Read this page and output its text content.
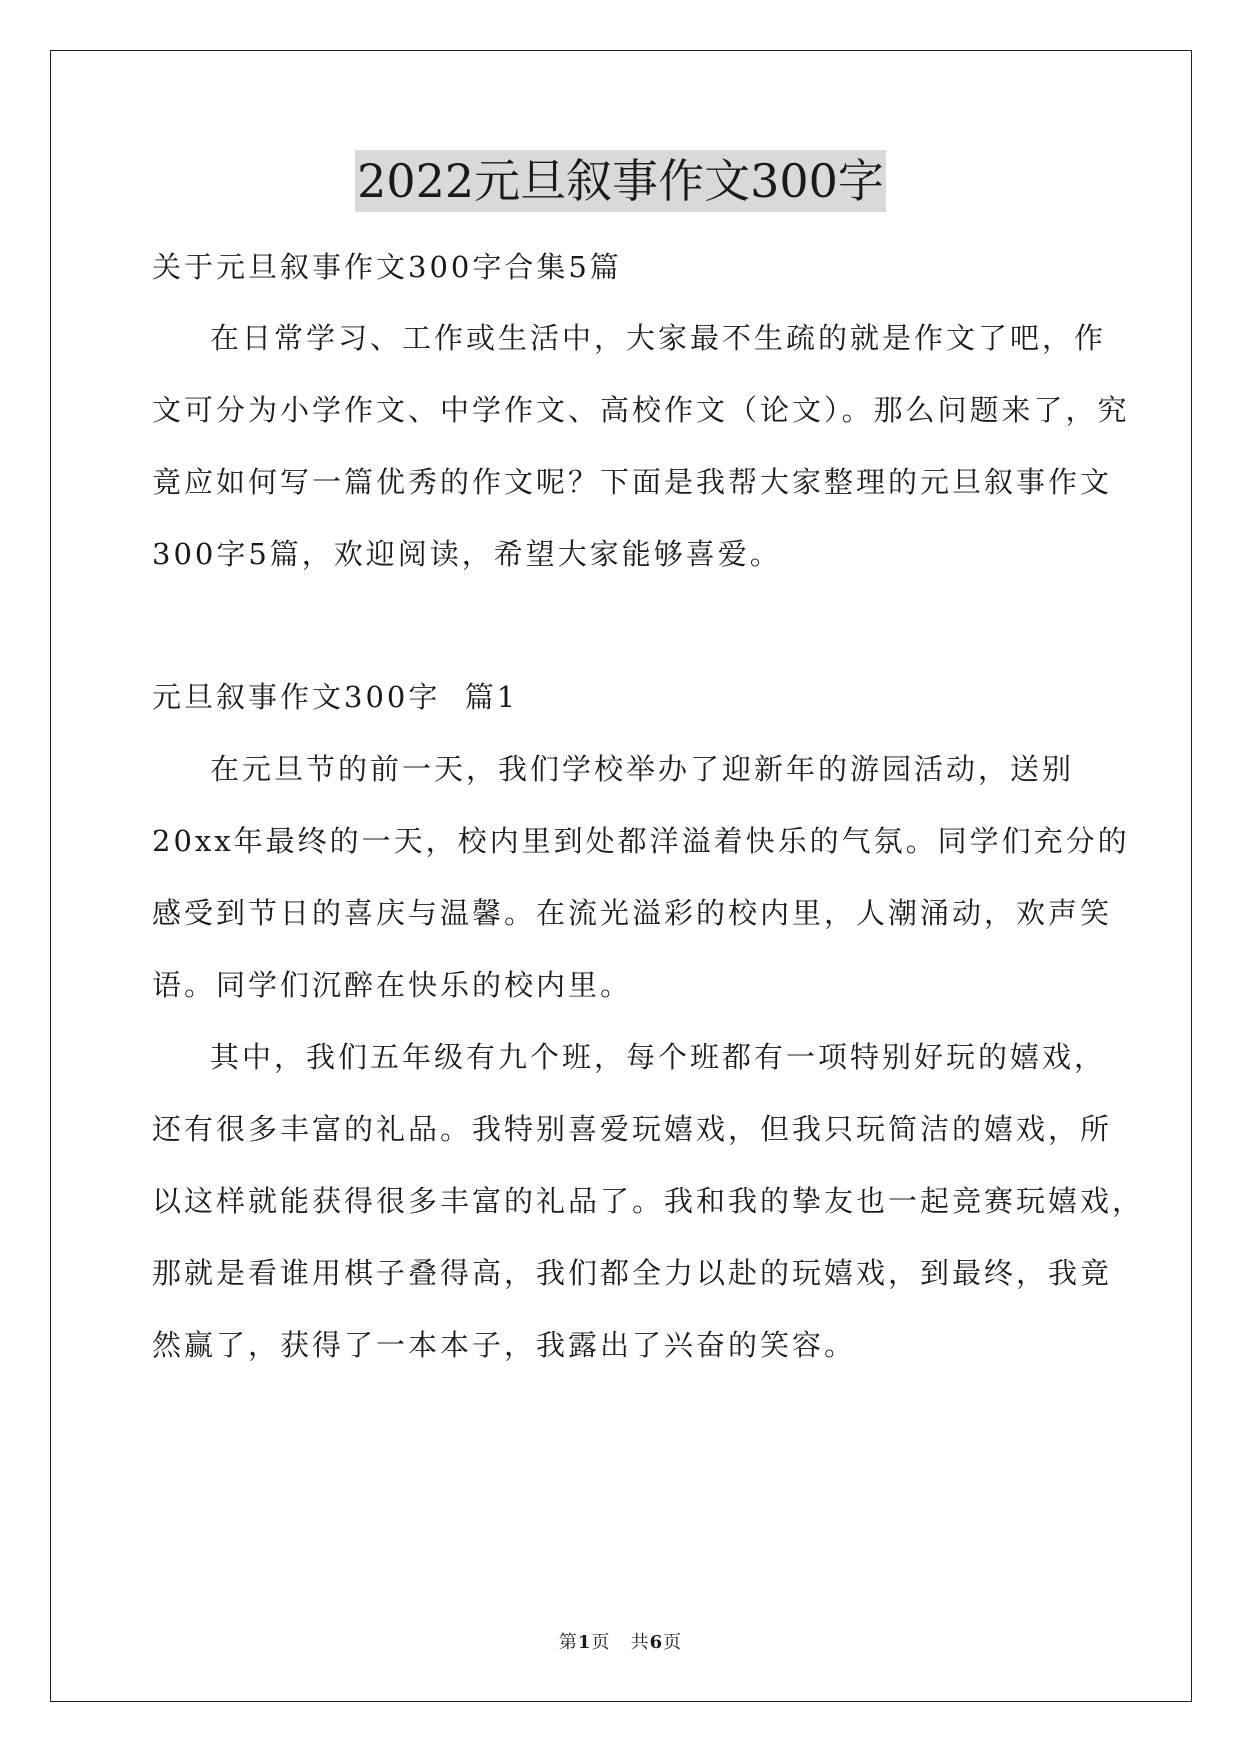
2022元旦叙事作文300字
关于元旦叙事作文300字合集5篇
在日常学习、工作或生活中，大家最不生疏的就是作文了吧，作
文可分为小学作文、中学作文、高校作文（论文）。那么问题来了，究
竟应如何写一篇优秀的作文呢？下面是我帮大家整理的元旦叙事作文
300字5篇，欢迎阅读，希望大家能够喜爱。
元旦叙事作文300字  篇1
在元旦节的前一天，我们学校举办了迎新年的游园活动，送别
20xx年最终的一天，校内里到处都洋溢着快乐的气氛。同学们充分的
感受到节日的喜庆与温馨。在流光溢彩的校内里，人潮涌动，欢声笑
语。同学们沉醉在快乐的校内里。
其中，我们五年级有九个班，每个班都有一项特别好玩的嬉戏，
还有很多丰富的礼品。我特别喜爱玩嬉戏，但我只玩简洁的嬉戏，所
以这样就能获得很多丰富的礼品了。我和我的挚友也一起竞赛玩嬉戏，
那就是看谁用棋子叠得高，我们都全力以赴的玩嬉戏，到最终，我竟
然赢了，获得了一本本子，我露出了兴奋的笑容。
第1页   共6页
